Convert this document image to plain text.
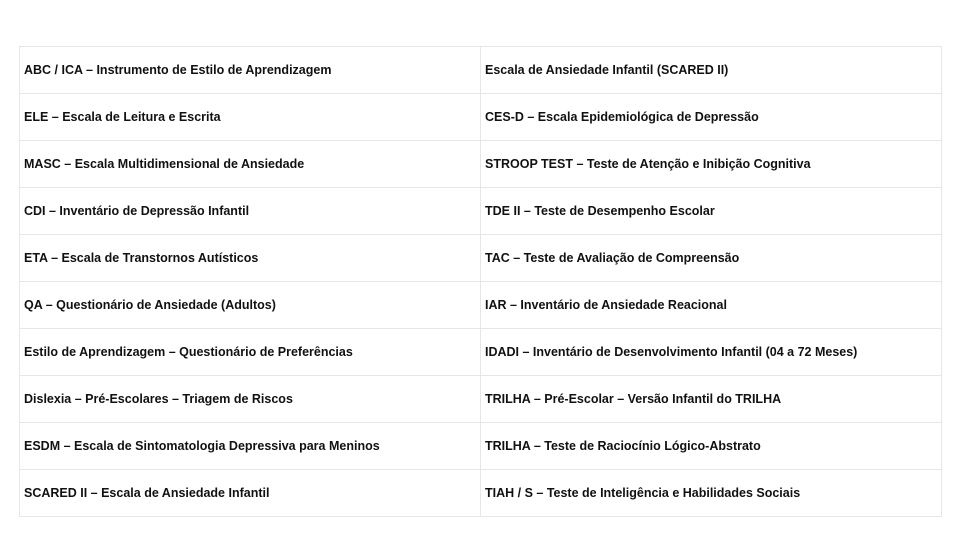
ABC / ICA – Instrumento de Estilo de Aprendizagem	Escala de Ansiedade Infantil (SCARED II)
ELE – Escala de Leitura e Escrita	CES-D – Escala Epidemiológica de Depressão
MASC – Escala Multidimensional de Ansiedade	STROOP TEST – Teste de Atenção e Inibição Cognitiva
CDI – Inventário de Depressão Infantil	TDE II – Teste de Desempenho Escolar
ETA – Escala de Transtornos Autísticos	TAC – Teste de Avaliação de Compreensão
QA – Questionário de Ansiedade (Adultos)	IAR – Inventário de Ansiedade Reacional
Estilo de Aprendizagem – Questionário de Preferências	IDADI – Inventário de Desenvolvimento Infantil (04 a 72 Meses)
Dislexia – Pré-Escolares – Triagem de Riscos	TRILHA – Pré-Escolar – Versão Infantil do TRILHA
ESDM – Escala de Sintomatologia Depressiva para Meninos	TRILHA – Teste de Raciocínio Lógico-Abstrato
SCARED II – Escala de Ansiedade Infantil	TIAH / S – Teste de Inteligência e Habilidades Sociais
